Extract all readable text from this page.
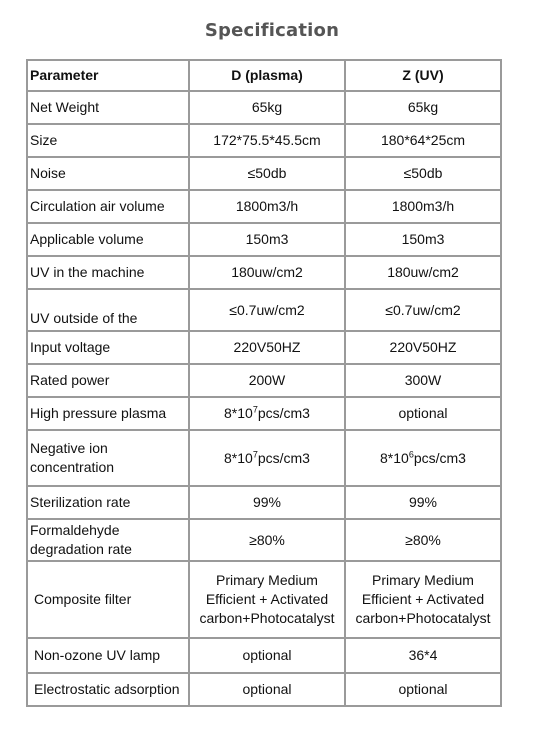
Specification
Parameter	D (plasma)	Z (UV)
Net Weight	65kg	65kg
Size	172*75.5*45.5cm	180*64*25cm
Noise	≤50db	≤50db
Circulation air volume	1800m3/h	1800m3/h
Applicable volume	150m3	150m3
UV in the machine	180uw/cm2	180uw/cm2
UV outside of the	≤0.7uw/cm2	≤0.7uw/cm2
Input voltage	220V50HZ	220V50HZ
Rated power	200W	300W
High pressure plasma	$8*10^7pcs/cm3$	optional

Negative ion
concentration	$8*10^7pcs/cm3$	$8*10^6pcs/cm3$
Sterilization rate	99%	99%

Formaldehyde
degradation rate	≥80%	≥80%
Composite filter	Primary Medium
Efficient + Activated
carbon+Photocatalyst	Primary Medium
Efficient + Activated
carbon+Photocatalyst

Non-ozone UV lamp	optional	36*4
Electrostatic adsorption	optional	optional
